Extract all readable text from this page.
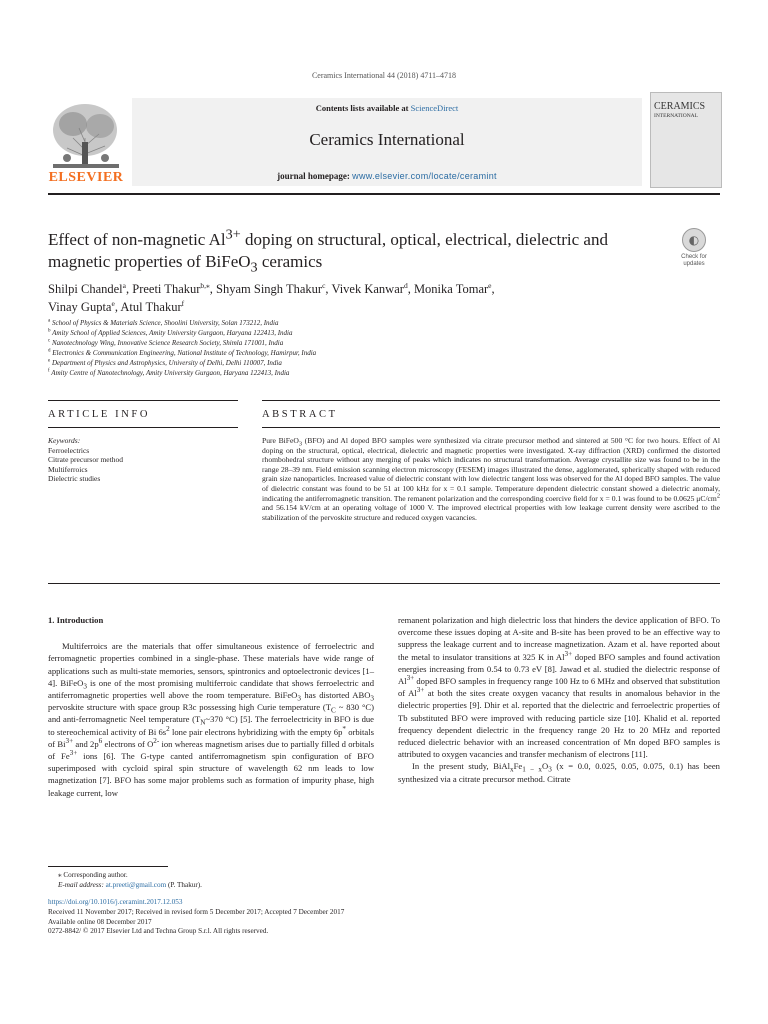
Ceramics International 44 (2018) 4711–4718
ELSEVIER
Contents lists available at ScienceDirect
Ceramics International
journal homepage: www.elsevier.com/locate/ceramint
CERAMICS
INTERNATIONAL
Effect of non-magnetic $Al^{3+}$ doping on structural, optical, electrical, dielectric and magnetic properties of BiFeO$_3$ ceramics
◐
Check for updates
Shilpi Chandel$^a$, Preeti Thakur$^{b,⁎}$, Shyam Singh Thakur$^c$, Vivek Kanwar$^d$, Monika Tomar$^e$,
Vinay Gupta$^e$, Atul Thakur$^f$
$^a$ School of Physics & Materials Science, Shoolini University, Solan 173212, India
$^b$ Amity School of Applied Sciences, Amity University Gurgaon, Haryana 122413, India
$^c$ Nanotechnology Wing, Innovative Science Research Society, Shimla 171001, India
$^d$ Electronics & Communication Engineering, National Institute of Technology, Hamirpur, India
$^e$ Department of Physics and Astrophysics, University of Delhi, Delhi 110007, India
$^f$ Amity Centre of Nanotechnology, Amity University Gurgaon, Haryana 122413, India
ARTICLE INFO	ABSTRACT
Keywords:
Ferroelectrics
Citrate precursor method
Multiferroics
Dielectric studies
Pure BiFeO$_3$ (BFO) and Al doped BFO samples were synthesized via citrate precursor method and sintered at 500 °C for two hours. Effect of Al doping on the structural, optical, electrical, dielectric and magnetic properties were investigated. X-ray diffraction (XRD) confirmed the distorted rhombohedral structure without any merging of peaks which indicates no structural transformation. Average crystallite size was found to be in the range 28–39 nm. Field emission scanning electron microscopy (FESEM) images illustrated the dense, agglomerated, spherically shaped with reduced grain size nanoparticles. Increased value of dielectric constant with low dielectric tangent loss was observed for the Al doped BFO samples. The value of dielectric constant was found to be 51 at 100 kHz for x = 0.1 sample. Temperature dependent dielectric constant showed a dielectric anomaly, indicating the antiferromagnetic transition. The remanent polarization and the corresponding coercive field for x = 0.1 was found to be 0.0625 $\mu C/cm^2$ and 56.154 kV/cm at an operating voltage of 1000 V. The improved electrical properties with low leakage current density were ascribed to the stabilization of the pervoskite structure and reduced oxygen vacancies.
1. Introduction

Multiferroics are the materials that offer simultaneous existence of ferroelectric and ferromagnetic properties combined in a single-phase. These materials have wide range of applications such as multi-state memories, sensors, spintronics and optoelectronic devices [1–4]. BiFeO$_3$ is one of the most promising multiferroic candidate that shows ferroelectric and antiferromagnetic properties well above the room temperature. BiFeO$_3$ has distorted $ABO_3$ pervoskite structure with space group R3c possessing high Curie temperature ($T_C$ ~ 830 °C) and anti-ferromagnetic Neel temperature ($T_N\sim 370$ °C) [5]. The ferroelectricity in BFO is due to stereochemical activity of Bi $6s^2$ lone pair electrons hybridizing with the empty 6p* orbitals of $Bi^{3+}$ and $2p^6$ electrons of $O^{2-}$ ion whereas magnetism arises due to partially filled d orbitals of $Fe^{3+}$ ions [6]. The G-type canted antiferromagnetism spin configuration of BFO superimposed with cycloid spiral spin structure of wavelength 62 nm leads to low magnetization [7]. BFO has some major problems such as formation of impurity phase, high leakage current, low

remanent polarization and high dielectric loss that hinders the device application of BFO. To overcome these issues doping at A-site and B-site has been proved to be an effective way to suppress the leakage current and to increase magnetization. Azam et al. have reported about the metal to insulator transitions at 325 K in $Al^{3+}$ doped BFO samples and found activation energies increasing from 0.54 to 0.73 eV [8]. Jawad et al. studied the dielectric response of $Al^{3+}$ doped BFO samples in frequency range 100 Hz to 6 MHz and observed that substitution of $Al^{3+}$ at both the sites create oxygen vacancy that results in anomalous behavior in the dielectric properties [9]. Dhir et al. reported that the dielectric and ferroelectric properties of Tb substituted BFO were improved with reducing particle size [10]. Khalid et al. reported frequency dependent dielectric in the frequency range 20 Hz to 20 MHz and reported reduced dielectric behavior with an increased concentration of Mn doped BFO samples is attributed to oxygen vacancies and transfer mechanism of electrons [11].

In the present study, $BiAl_xFe_{1 - x}O_3$ (x = 0.0, 0.025, 0.05, 0.075, 0.1) has been synthesized via a citrate precursor method. Citrate

⁎ Corresponding author.
E-mail address: at.preeti@gmail.com (P. Thakur).
https://doi.org/10.1016/j.ceramint.2017.12.053
Received 11 November 2017; Received in revised form 5 December 2017; Accepted 7 December 2017
Available online 08 December 2017
0272-8842/ © 2017 Elsevier Ltd and Techna Group S.r.l. All rights reserved.
